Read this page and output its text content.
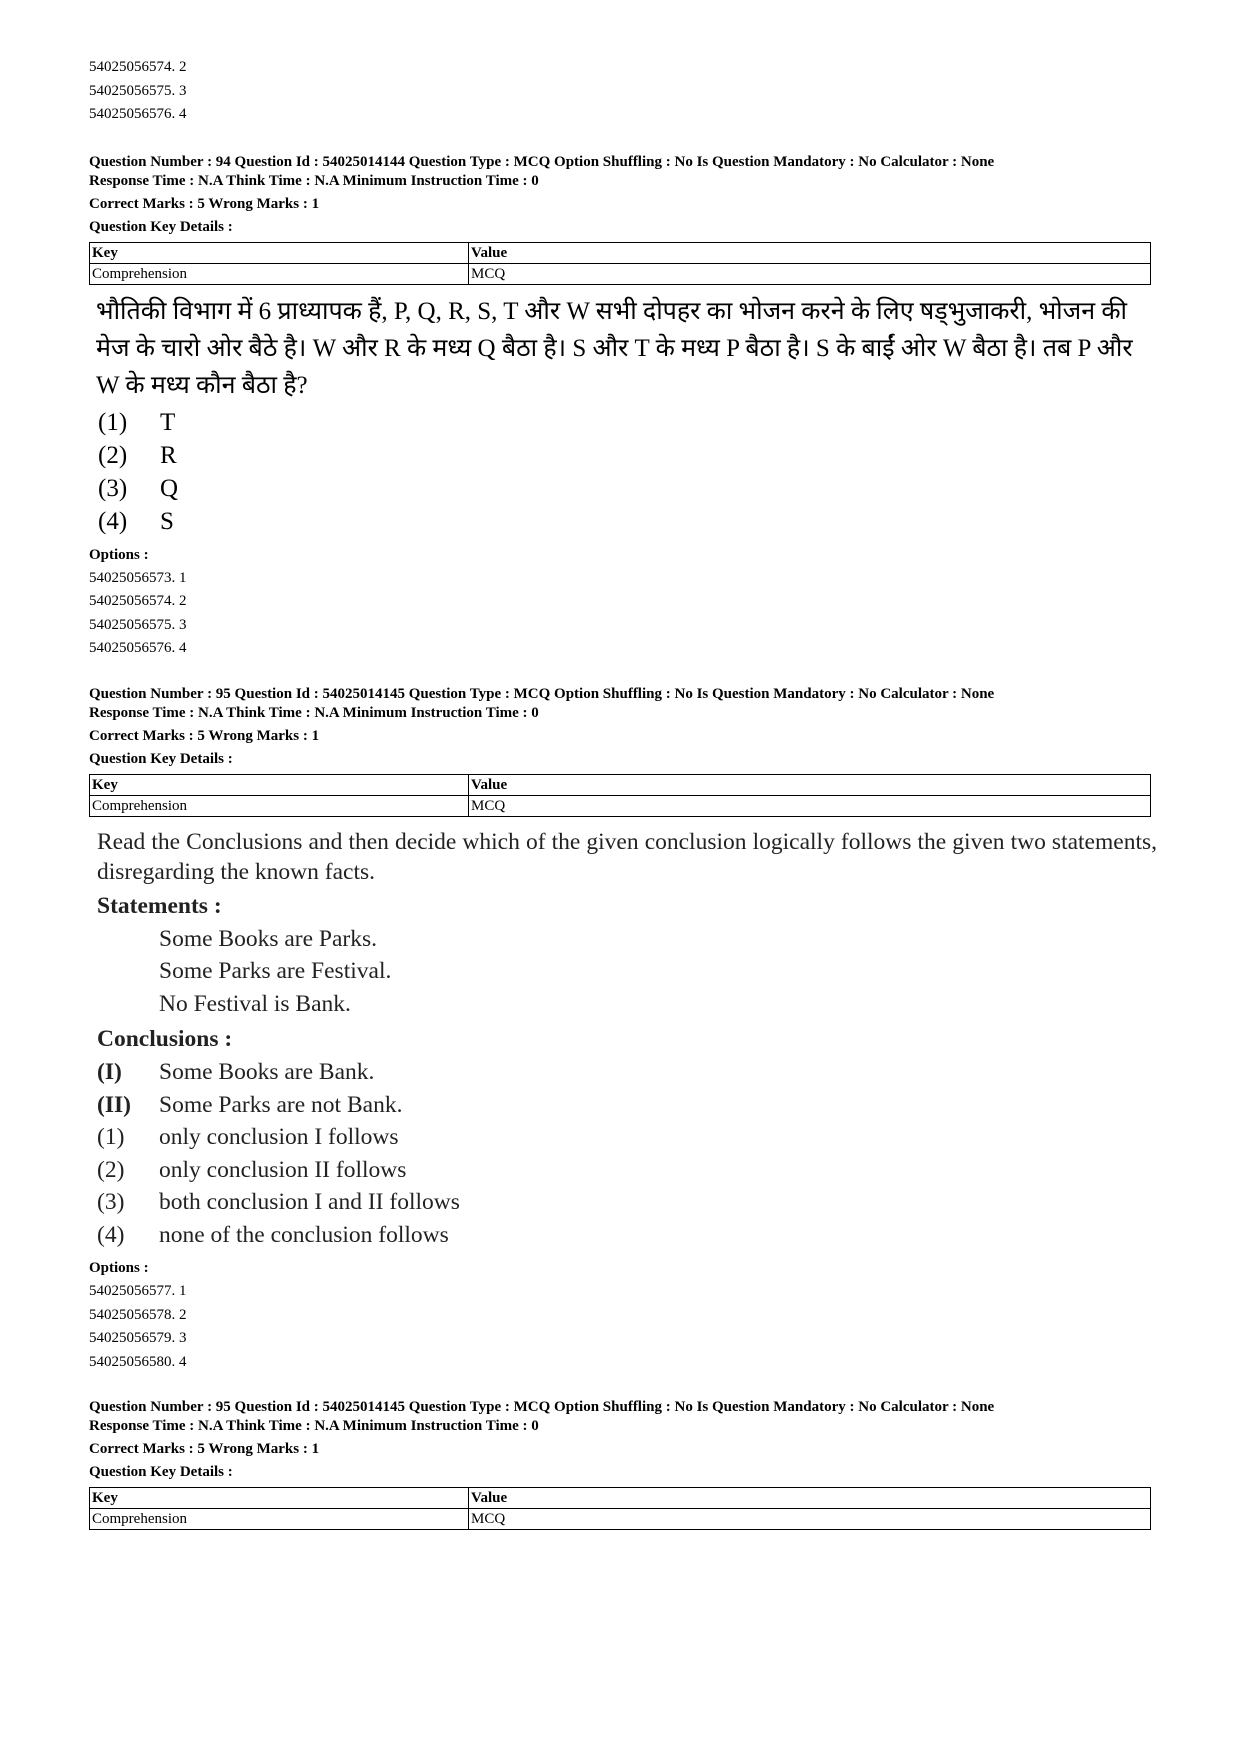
54025056574. 2
54025056575. 3
54025056576. 4
Question Number : 94 Question Id : 54025014144 Question Type : MCQ Option Shuffling : No Is Question Mandatory : No Calculator : None
Response Time : N.A Think Time : N.A Minimum Instruction Time : 0
Correct Marks : 5 Wrong Marks : 1
Question Key Details :
Key	Value
Comprehension	MCQ
भौतिकी विभाग में 6 प्राध्यापक हैं, P, Q, R, S, T और W सभी दोपहर का भोजन करने के लिए षड्भुजाकरी, भोजन की मेज के चारो ओर बैठे है। W और R के मध्य Q बैठा है। S और T के मध्य P बैठा है। S के बाईं ओर W बैठा है। तब P और W के मध्य कौन बैठा है?
(1)	T
(2)	R
(3)	Q
(4)	S
Options :
54025056573. 1
54025056574. 2
54025056575. 3
54025056576. 4
Question Number : 95 Question Id : 54025014145 Question Type : MCQ Option Shuffling : No Is Question Mandatory : No Calculator : None
Response Time : N.A Think Time : N.A Minimum Instruction Time : 0
Correct Marks : 5 Wrong Marks : 1
Question Key Details :
Key	Value
Comprehension	MCQ
Read the Conclusions and then decide which of the given conclusion logically follows the given two statements, disregarding the known facts.
Statements :
Some Books are Parks.
Some Parks are Festival.
No Festival is Bank.
Conclusions :
(I)	Some Books are Bank.
(II)	Some Parks are not Bank.
(1)	only conclusion I follows
(2)	only conclusion II follows
(3)	both conclusion I and II follows
(4)	none of the conclusion follows
Options :
54025056577. 1
54025056578. 2
54025056579. 3
54025056580. 4
Question Number : 95 Question Id : 54025014145 Question Type : MCQ Option Shuffling : No Is Question Mandatory : No Calculator : None
Response Time : N.A Think Time : N.A Minimum Instruction Time : 0
Correct Marks : 5 Wrong Marks : 1
Question Key Details :
Key	Value
Comprehension	MCQ
